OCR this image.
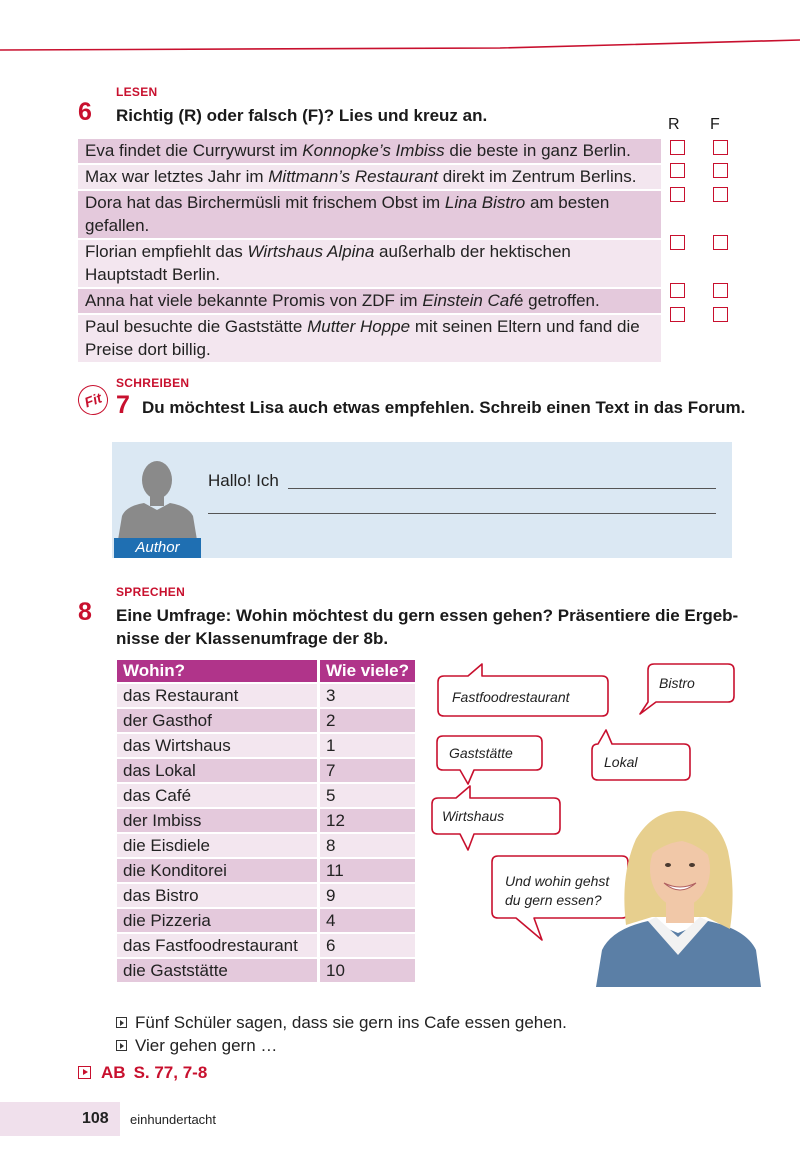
LESEN
6 Richtig (R) oder falsch (F)? Lies und kreuz an.	R F
Eva findet die Currywurst im Konnopke’s Imbiss die beste in ganz Berlin.
Max war letztes Jahr im Mittmann’s Restaurant direkt im Zentrum Berlins.
Dora hat das Birchermüsli mit frischem Obst im Lina Bistro am besten gefallen.
Florian empfiehlt das Wirtshaus Alpina außerhalb der hektischen Hauptstadt Berlin.
Anna hat viele bekannte Promis von ZDF im Einstein Café getroffen.
Paul besuchte die Gaststätte Mutter Hoppe mit seinen Eltern und fand die Preise dort billig.
SCHREIBEN
Fit 7 Du möchtest Lisa auch etwas empfehlen. Schreib einen Text in das Forum.
Author
Hallo! Ich
SPRECHEN
8 Eine Umfrage: Wohin möchtest du gern essen gehen? Präsentiere die Ergeb-
nisse der Klassenumfrage der 8b.
Wohin?	Wie viele?
das Restaurant	3
der Gasthof	2
das Wirtshaus	1
das Lokal	7
das Café	5
der Imbiss	12
die Eisdiele	8
die Konditorei	11
das Bistro	9
die Pizzeria	4
das Fastfoodrestaurant	6
die Gaststätte	10
Fastfoodrestaurant
Bistro
Gaststätte
Lokal
Wirtshaus
Und wohin gehst
du gern essen?
Fünf Schüler sagen, dass sie gern ins Cafe essen gehen.
Vier gehen gern …
AB S. 77, 7-8
108 einhundertacht
